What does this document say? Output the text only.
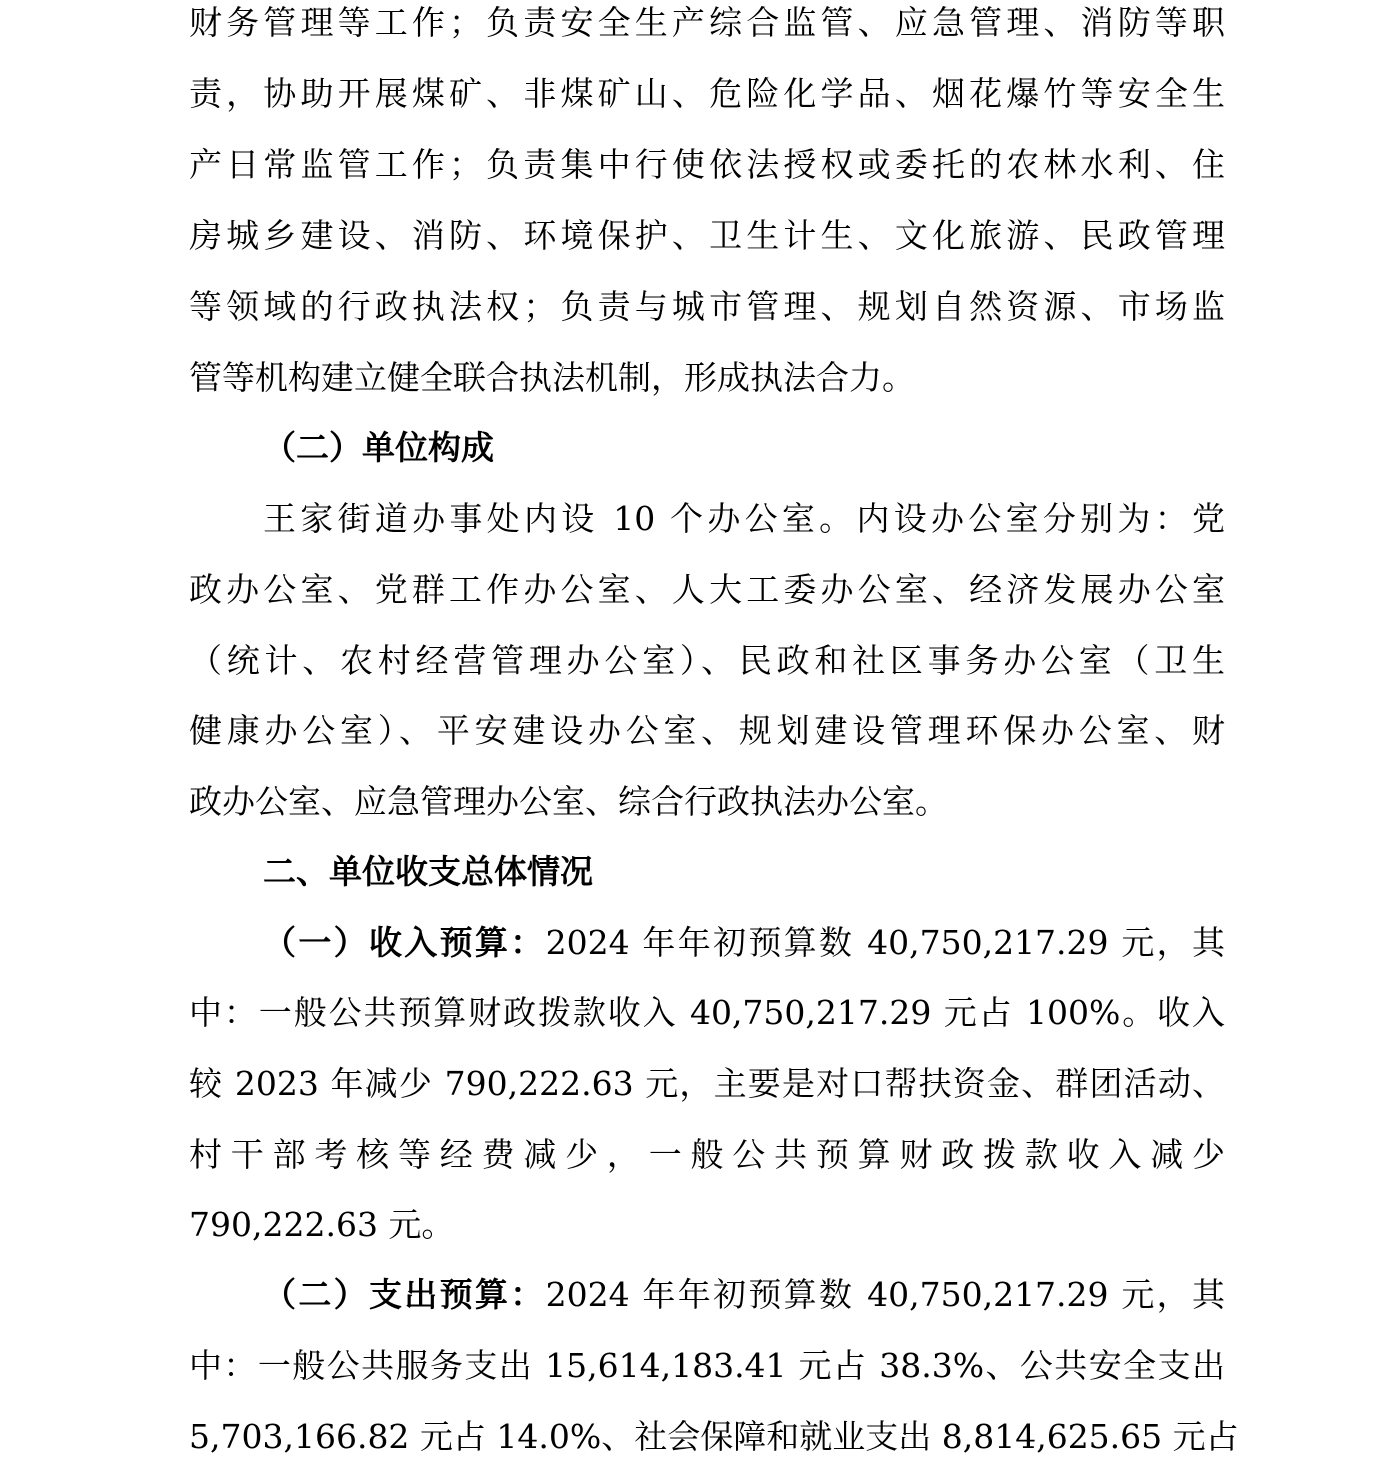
财务管理等工作；负责安全生产综合监管、应急管理、消防等职
责，协助开展煤矿、非煤矿山、危险化学品、烟花爆竹等安全生
产日常监管工作；负责集中行使依法授权或委托的农林水利、住
房城乡建设、消防、环境保护、卫生计生、文化旅游、民政管理
等领域的行政执法权；负责与城市管理、规划自然资源、市场监
管等机构建立健全联合执法机制，形成执法合力。
（二）单位构成
王家街道办事处内设 10 个办公室。内设办公室分别为：党
政办公室、党群工作办公室、人大工委办公室、经济发展办公室
（统计、农村经营管理办公室）、民政和社区事务办公室（卫生
健康办公室）、平安建设办公室、规划建设管理环保办公室、财
政办公室、应急管理办公室、综合行政执法办公室。
二、单位收支总体情况
（一）收入预算：2024 年年初预算数 40,750,217.29 元，其
中：一般公共预算财政拨款收入 40,750,217.29 元占 100%。收入
较 2023 年减少 790,222.63 元，主要是对口帮扶资金、群团活动、
村干部考核等经费减少，一般公共预算财政拨款收入减少
790,222.63 元。
（二）支出预算：2024 年年初预算数 40,750,217.29 元，其
中：一般公共服务支出 15,614,183.41 元占 38.3%、公共安全支出
5,703,166.82 元占 14.0%、社会保障和就业支出 8,814,625.65 元占
